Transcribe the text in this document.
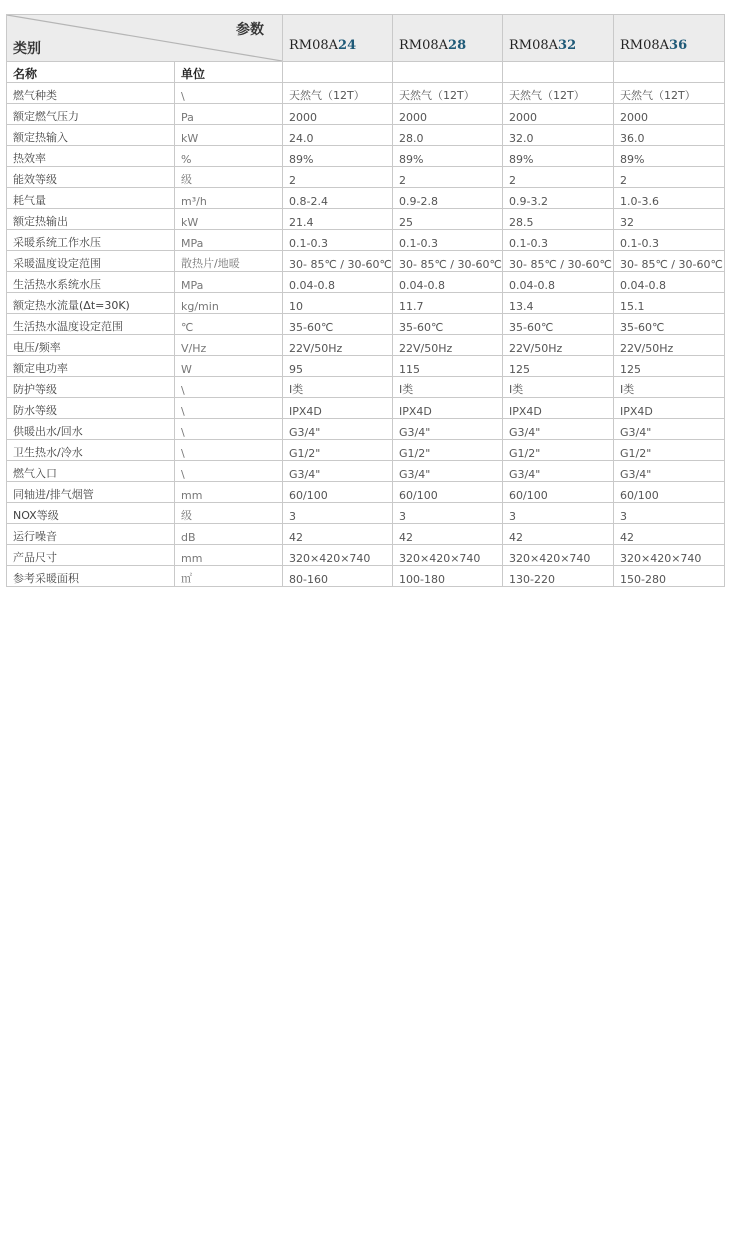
参数
类别		RM08A24	RM08A28	RM08A32	RM08A36
名称	单位				
燃气种类	\	天然气（12T）	天然气（12T）	天然气（12T）	天然气（12T）
额定燃气压力	Pa	2000	2000	2000	2000
额定热输入	kW	24.0	28.0	32.0	36.0
热效率	%	89%	89%	89%	89%
能效等级	级	2	2	2	2
耗气量	m³/h	0.8-2.4	0.9-2.8	0.9-3.2	1.0-3.6
额定热输出	kW	21.4	25	28.5	32
采暖系统工作水压	MPa	0.1-0.3	0.1-0.3	0.1-0.3	0.1-0.3
采暖温度设定范围	散热片/地暖	30- 85℃ / 30-60℃	30- 85℃ / 30-60℃	30- 85℃ / 30-60℃	30- 85℃ / 30-60℃
生活热水系统水压	MPa	0.04-0.8	0.04-0.8	0.04-0.8	0.04-0.8
额定热水流量(Δt=30K)	kg/min	10	11.7	13.4	15.1
生活热水温度设定范围	℃	35-60℃	35-60℃	35-60℃	35-60℃
电压/频率	V/Hz	22V/50Hz	22V/50Hz	22V/50Hz	22V/50Hz
额定电功率	W	95	115	125	125
防护等级	\	Ⅰ类	Ⅰ类	Ⅰ类	Ⅰ类
防水等级	\	IPX4D	IPX4D	IPX4D	IPX4D
供暖出水/回水	\	G3/4"	G3/4"	G3/4"	G3/4"
卫生热水/冷水	\	G1/2"	G1/2"	G1/2"	G1/2"
燃气入口	\	G3/4"	G3/4"	G3/4"	G3/4"
同轴进/排气烟管	mm	60/100	60/100	60/100	60/100
NOX等级	级	3	3	3	3
运行噪音	dB	42	42	42	42
产品尺寸	mm	320×420×740	320×420×740	320×420×740	320×420×740
参考采暖面积	㎡	80-160	100-180	130-220	150-280
